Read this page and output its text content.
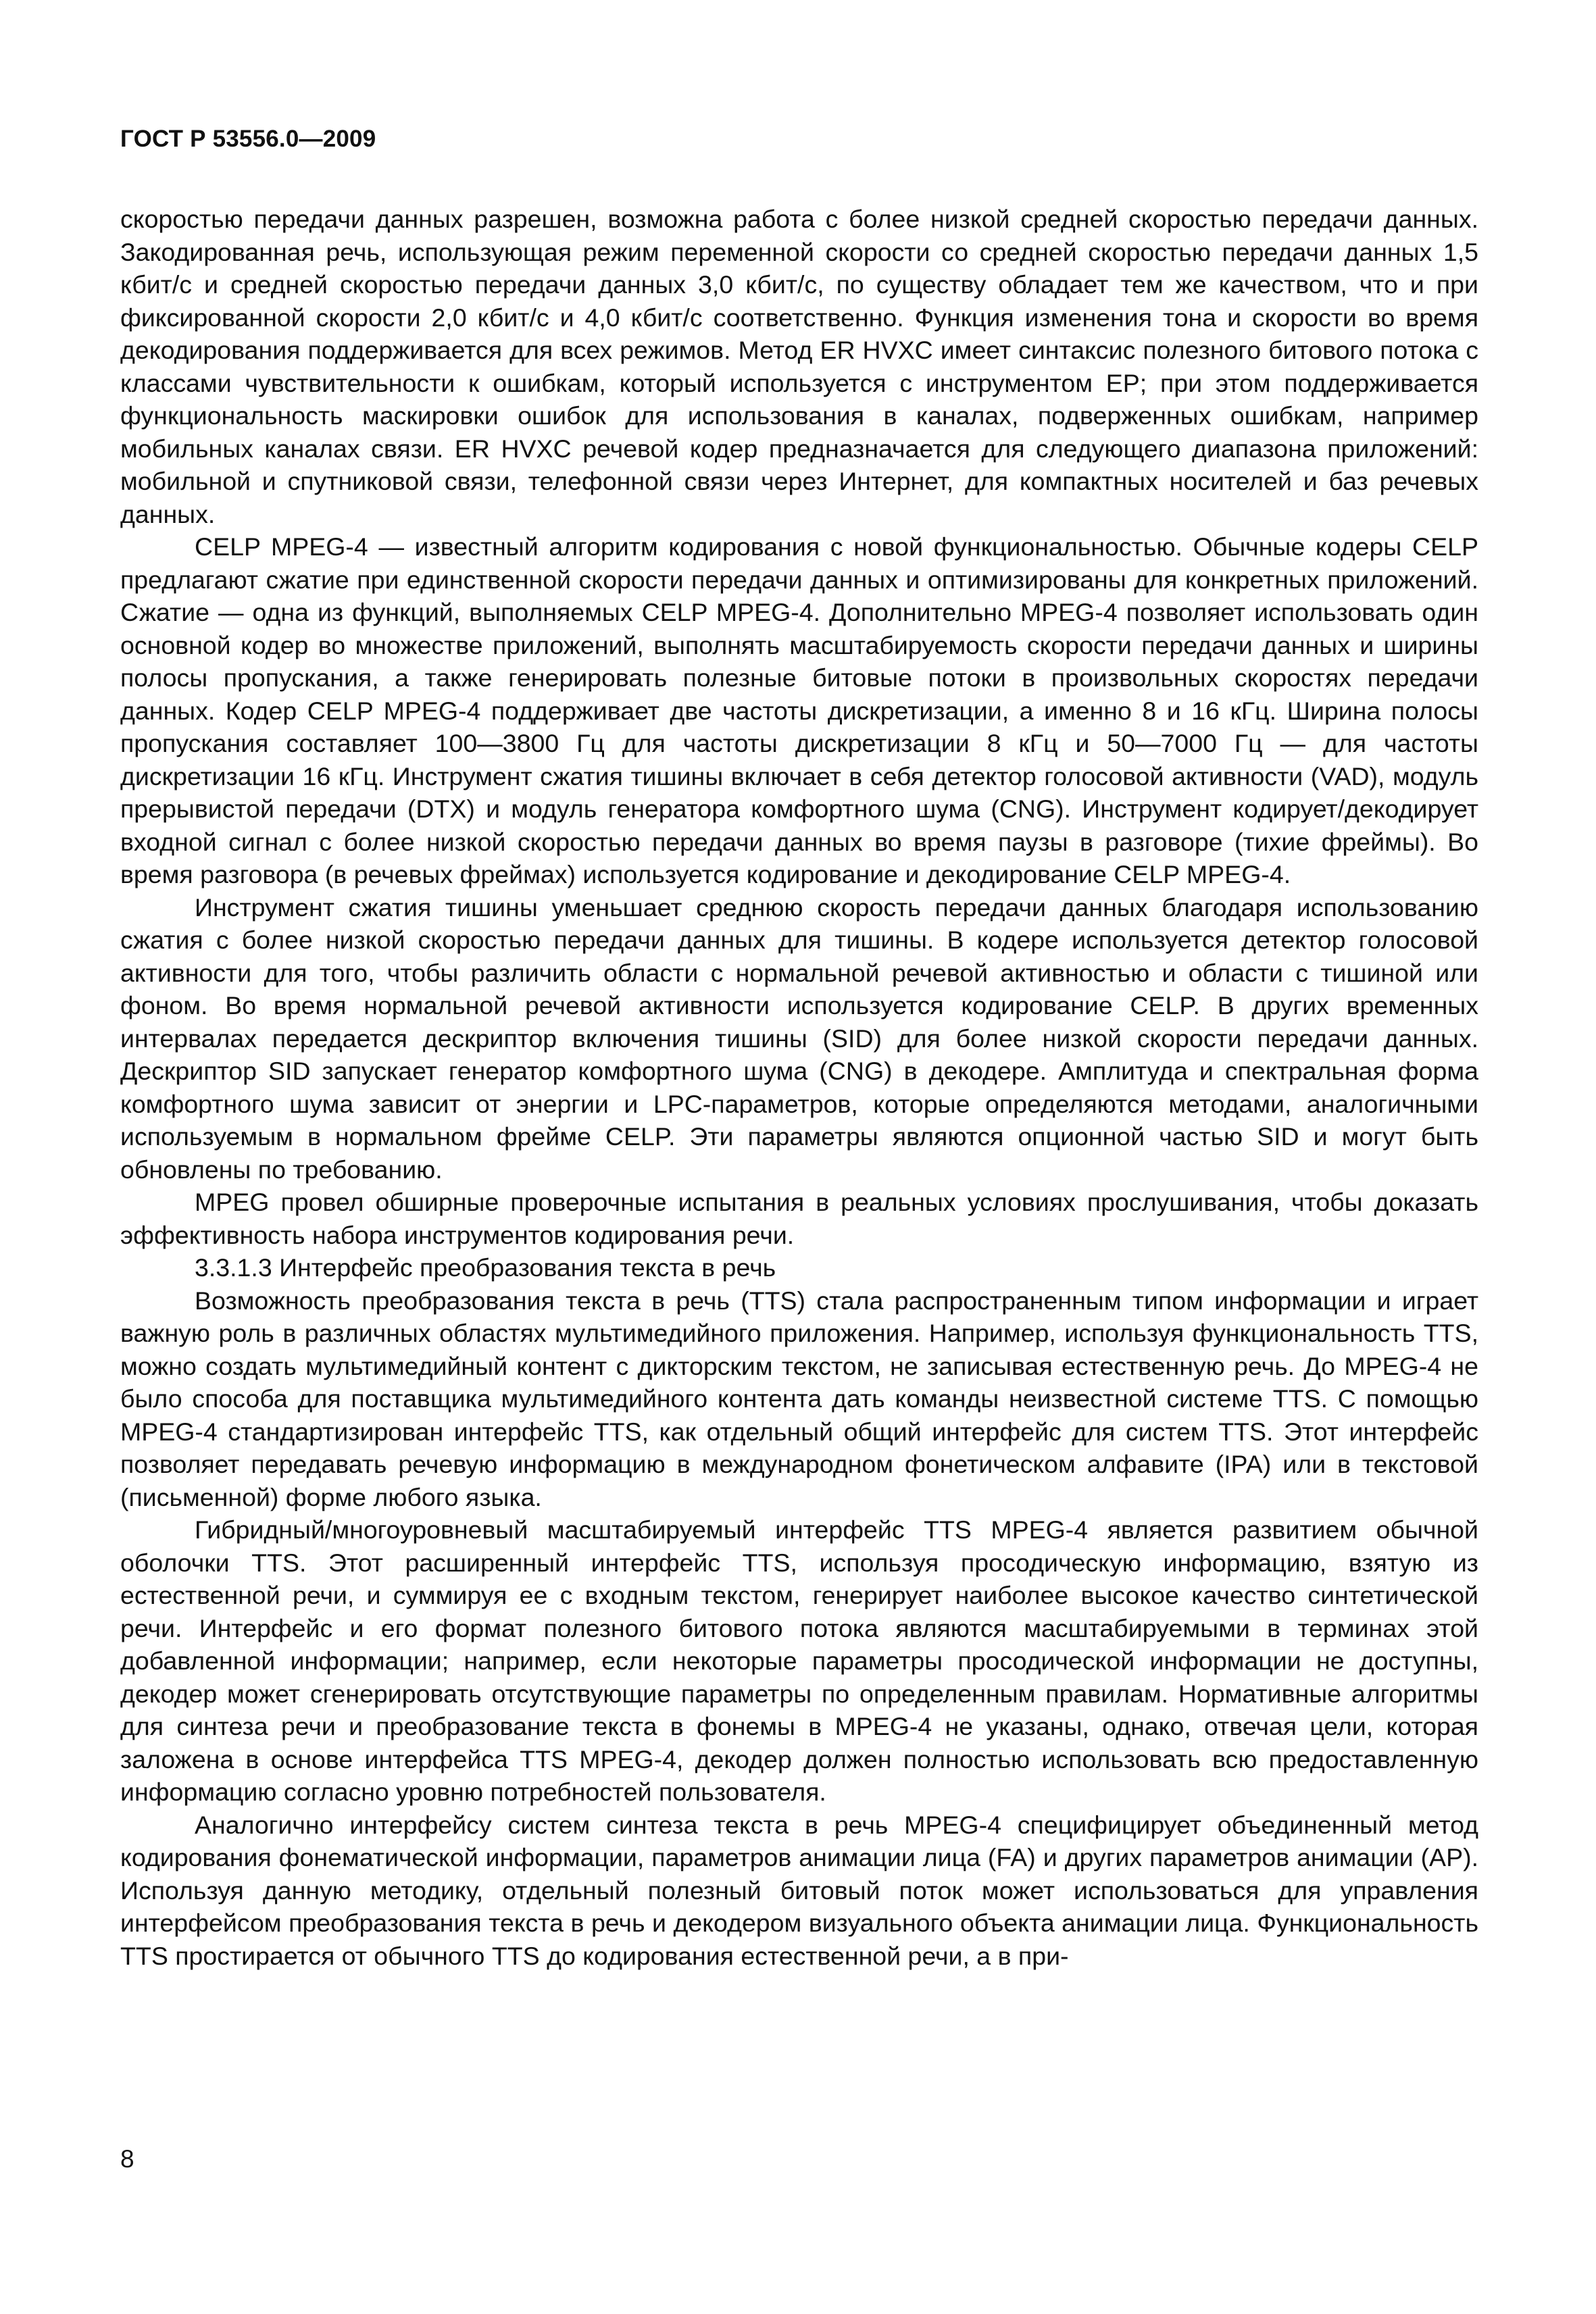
ГОСТ Р 53556.0—2009

скоростью передачи данных разрешен, возможна работа с более низкой средней скоростью передачи данных. Закодированная речь, использующая режим переменной скорости со средней скоростью передачи данных 1,5 кбит/с и средней скоростью передачи данных 3,0 кбит/с, по существу обладает тем же качеством, что и при фиксированной скорости 2,0 кбит/с и 4,0 кбит/с соответственно. Функция изменения тона и скорости во время декодирования поддерживается для всех режимов. Метод ER HVXC имеет синтаксис полезного битового потока с классами чувствительности к ошибкам, который используется с инструментом EP; при этом поддерживается функциональность маскировки ошибок для использования в каналах, подверженных ошибкам, например мобильных каналах связи. ER HVXC речевой кодер предназначается для следующего диапазона приложений: мобильной и спутниковой связи, телефонной связи через Интернет, для компактных носителей и баз речевых данных.

CELP MPEG-4 — известный алгоритм кодирования с новой функциональностью. Обычные кодеры CELP предлагают сжатие при единственной скорости передачи данных и оптимизированы для конкретных приложений. Сжатие — одна из функций, выполняемых CELP MPEG-4. Дополнительно MPEG-4 позволяет использовать один основной кодер во множестве приложений, выполнять масштабируемость скорости передачи данных и ширины полосы пропускания, а также генерировать полезные битовые потоки в произвольных скоростях передачи данных. Кодер CELP MPEG-4 поддерживает две частоты дискретизации, а именно 8 и 16 кГц. Ширина полосы пропускания составляет 100—3800 Гц для частоты дискретизации 8 кГц и 50—7000 Гц — для частоты дискретизации 16 кГц. Инструмент сжатия тишины включает в себя детектор голосовой активности (VAD), модуль прерывистой передачи (DTX) и модуль генератора комфортного шума (CNG). Инструмент кодирует/декодирует входной сигнал с более низкой скоростью передачи данных во время паузы в разговоре (тихие фреймы). Во время разговора (в речевых фреймах) используется кодирование и декодирование CELP MPEG-4.

Инструмент сжатия тишины уменьшает среднюю скорость передачи данных благодаря использованию сжатия с более низкой скоростью передачи данных для тишины. В кодере используется детектор голосовой активности для того, чтобы различить области с нормальной речевой активностью и области с тишиной или фоном. Во время нормальной речевой активности используется кодирование CELP. В других временных интервалах передается дескриптор включения тишины (SID) для более низкой скорости передачи данных. Дескриптор SID запускает генератор комфортного шума (CNG) в декодере. Амплитуда и спектральная форма комфортного шума зависит от энергии и LPC-параметров, которые определяются методами, аналогичными используемым в нормальном фрейме CELP. Эти параметры являются опционной частью SID и могут быть обновлены по требованию.

MPEG провел обширные проверочные испытания в реальных условиях прослушивания, чтобы доказать эффективность набора инструментов кодирования речи.

3.3.1.3 Интерфейс преобразования текста в речь

Возможность преобразования текста в речь (TTS) стала распространенным типом информации и играет важную роль в различных областях мультимедийного приложения. Например, используя функциональность TTS, можно создать мультимедийный контент с дикторским текстом, не записывая естественную речь. До MPEG-4 не было способа для поставщика мультимедийного контента дать команды неизвестной системе TTS. С помощью MPEG-4 стандартизирован интерфейс TTS, как отдельный общий интерфейс для систем TTS. Этот интерфейс позволяет передавать речевую информацию в международном фонетическом алфавите (IPA) или в текстовой (письменной) форме любого языка.

Гибридный/многоуровневый масштабируемый интерфейс TTS MPEG-4 является развитием обычной оболочки TTS. Этот расширенный интерфейс TTS, используя просодическую информацию, взятую из естественной речи, и суммируя ее с входным текстом, генерирует наиболее высокое качество синтетической речи. Интерфейс и его формат полезного битового потока являются масштабируемыми в терминах этой добавленной информации; например, если некоторые параметры просодической информации не доступны, декодер может сгенерировать отсутствующие параметры по определенным правилам. Нормативные алгоритмы для синтеза речи и преобразование текста в фонемы в MPEG-4 не указаны, однако, отвечая цели, которая заложена в основе интерфейса TTS MPEG-4, декодер должен полностью использовать всю предоставленную информацию согласно уровню потребностей пользователя.

Аналогично интерфейсу систем синтеза текста в речь MPEG-4 специфицирует объединенный метод кодирования фонематической информации, параметров анимации лица (FA) и других параметров анимации (AP). Используя данную методику, отдельный полезный битовый поток может использоваться для управления интерфейсом преобразования текста в речь и декодером визуального объекта анимации лица. Функциональность TTS простирается от обычного TTS до кодирования естественной речи, а в при-

8
